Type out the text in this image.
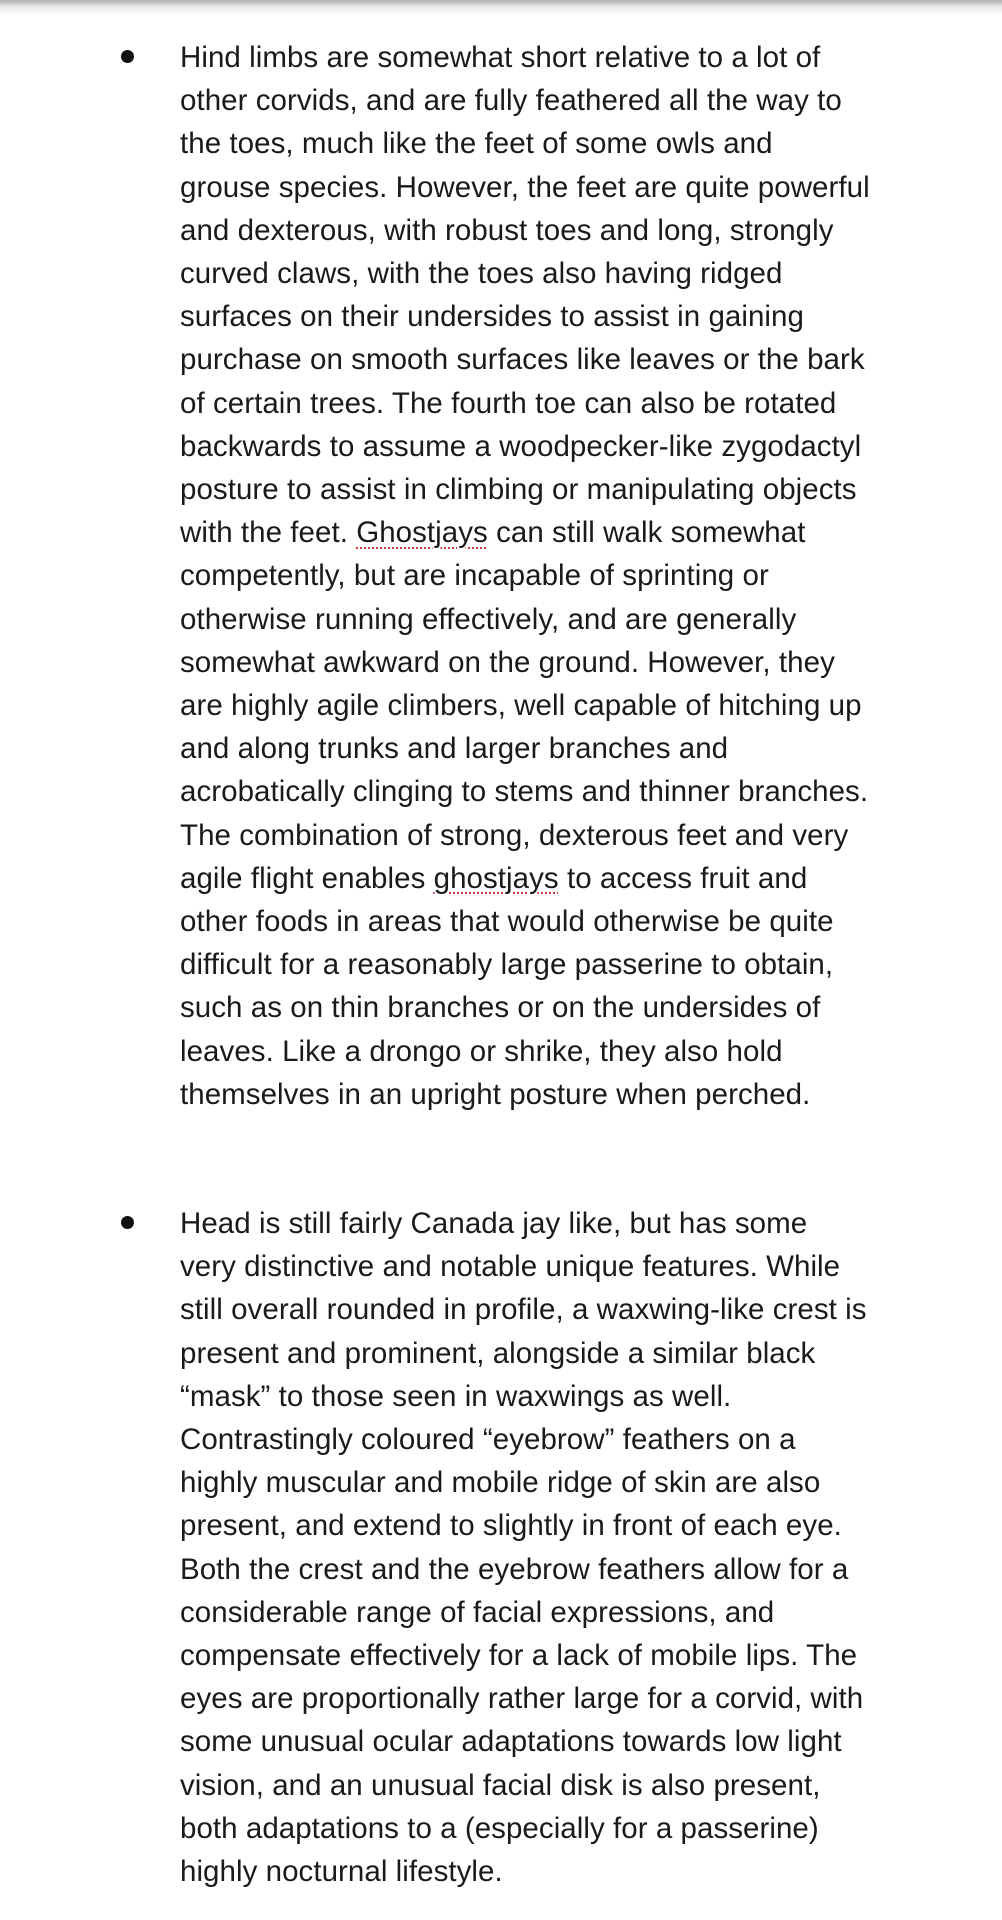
Hind limbs are somewhat short relative to a lot of
other corvids, and are fully feathered all the way to
the toes, much like the feet of some owls and
grouse species. However, the feet are quite powerful
and dexterous, with robust toes and long, strongly
curved claws, with the toes also having ridged
surfaces on their undersides to assist in gaining
purchase on smooth surfaces like leaves or the bark
of certain trees. The fourth toe can also be rotated
backwards to assume a woodpecker-like zygodactyl
posture to assist in climbing or manipulating objects
with the feet. Ghostjays can still walk somewhat
competently, but are incapable of sprinting or
otherwise running effectively, and are generally
somewhat awkward on the ground. However, they
are highly agile climbers, well capable of hitching up
and along trunks and larger branches and
acrobatically clinging to stems and thinner branches.
The combination of strong, dexterous feet and very
agile flight enables ghostjays to access fruit and
other foods in areas that would otherwise be quite
difficult for a reasonably large passerine to obtain,
such as on thin branches or on the undersides of
leaves. Like a drongo or shrike, they also hold
themselves in an upright posture when perched.

Head is still fairly Canada jay like, but has some
very distinctive and notable unique features. While
still overall rounded in profile, a waxwing-like crest is
present and prominent, alongside a similar black
“mask” to those seen in waxwings as well.
Contrastingly coloured “eyebrow” feathers on a
highly muscular and mobile ridge of skin are also
present, and extend to slightly in front of each eye.
Both the crest and the eyebrow feathers allow for a
considerable range of facial expressions, and
compensate effectively for a lack of mobile lips. The
eyes are proportionally rather large for a corvid, with
some unusual ocular adaptations towards low light
vision, and an unusual facial disk is also present,
both adaptations to a (especially for a passerine)
highly nocturnal lifestyle.
